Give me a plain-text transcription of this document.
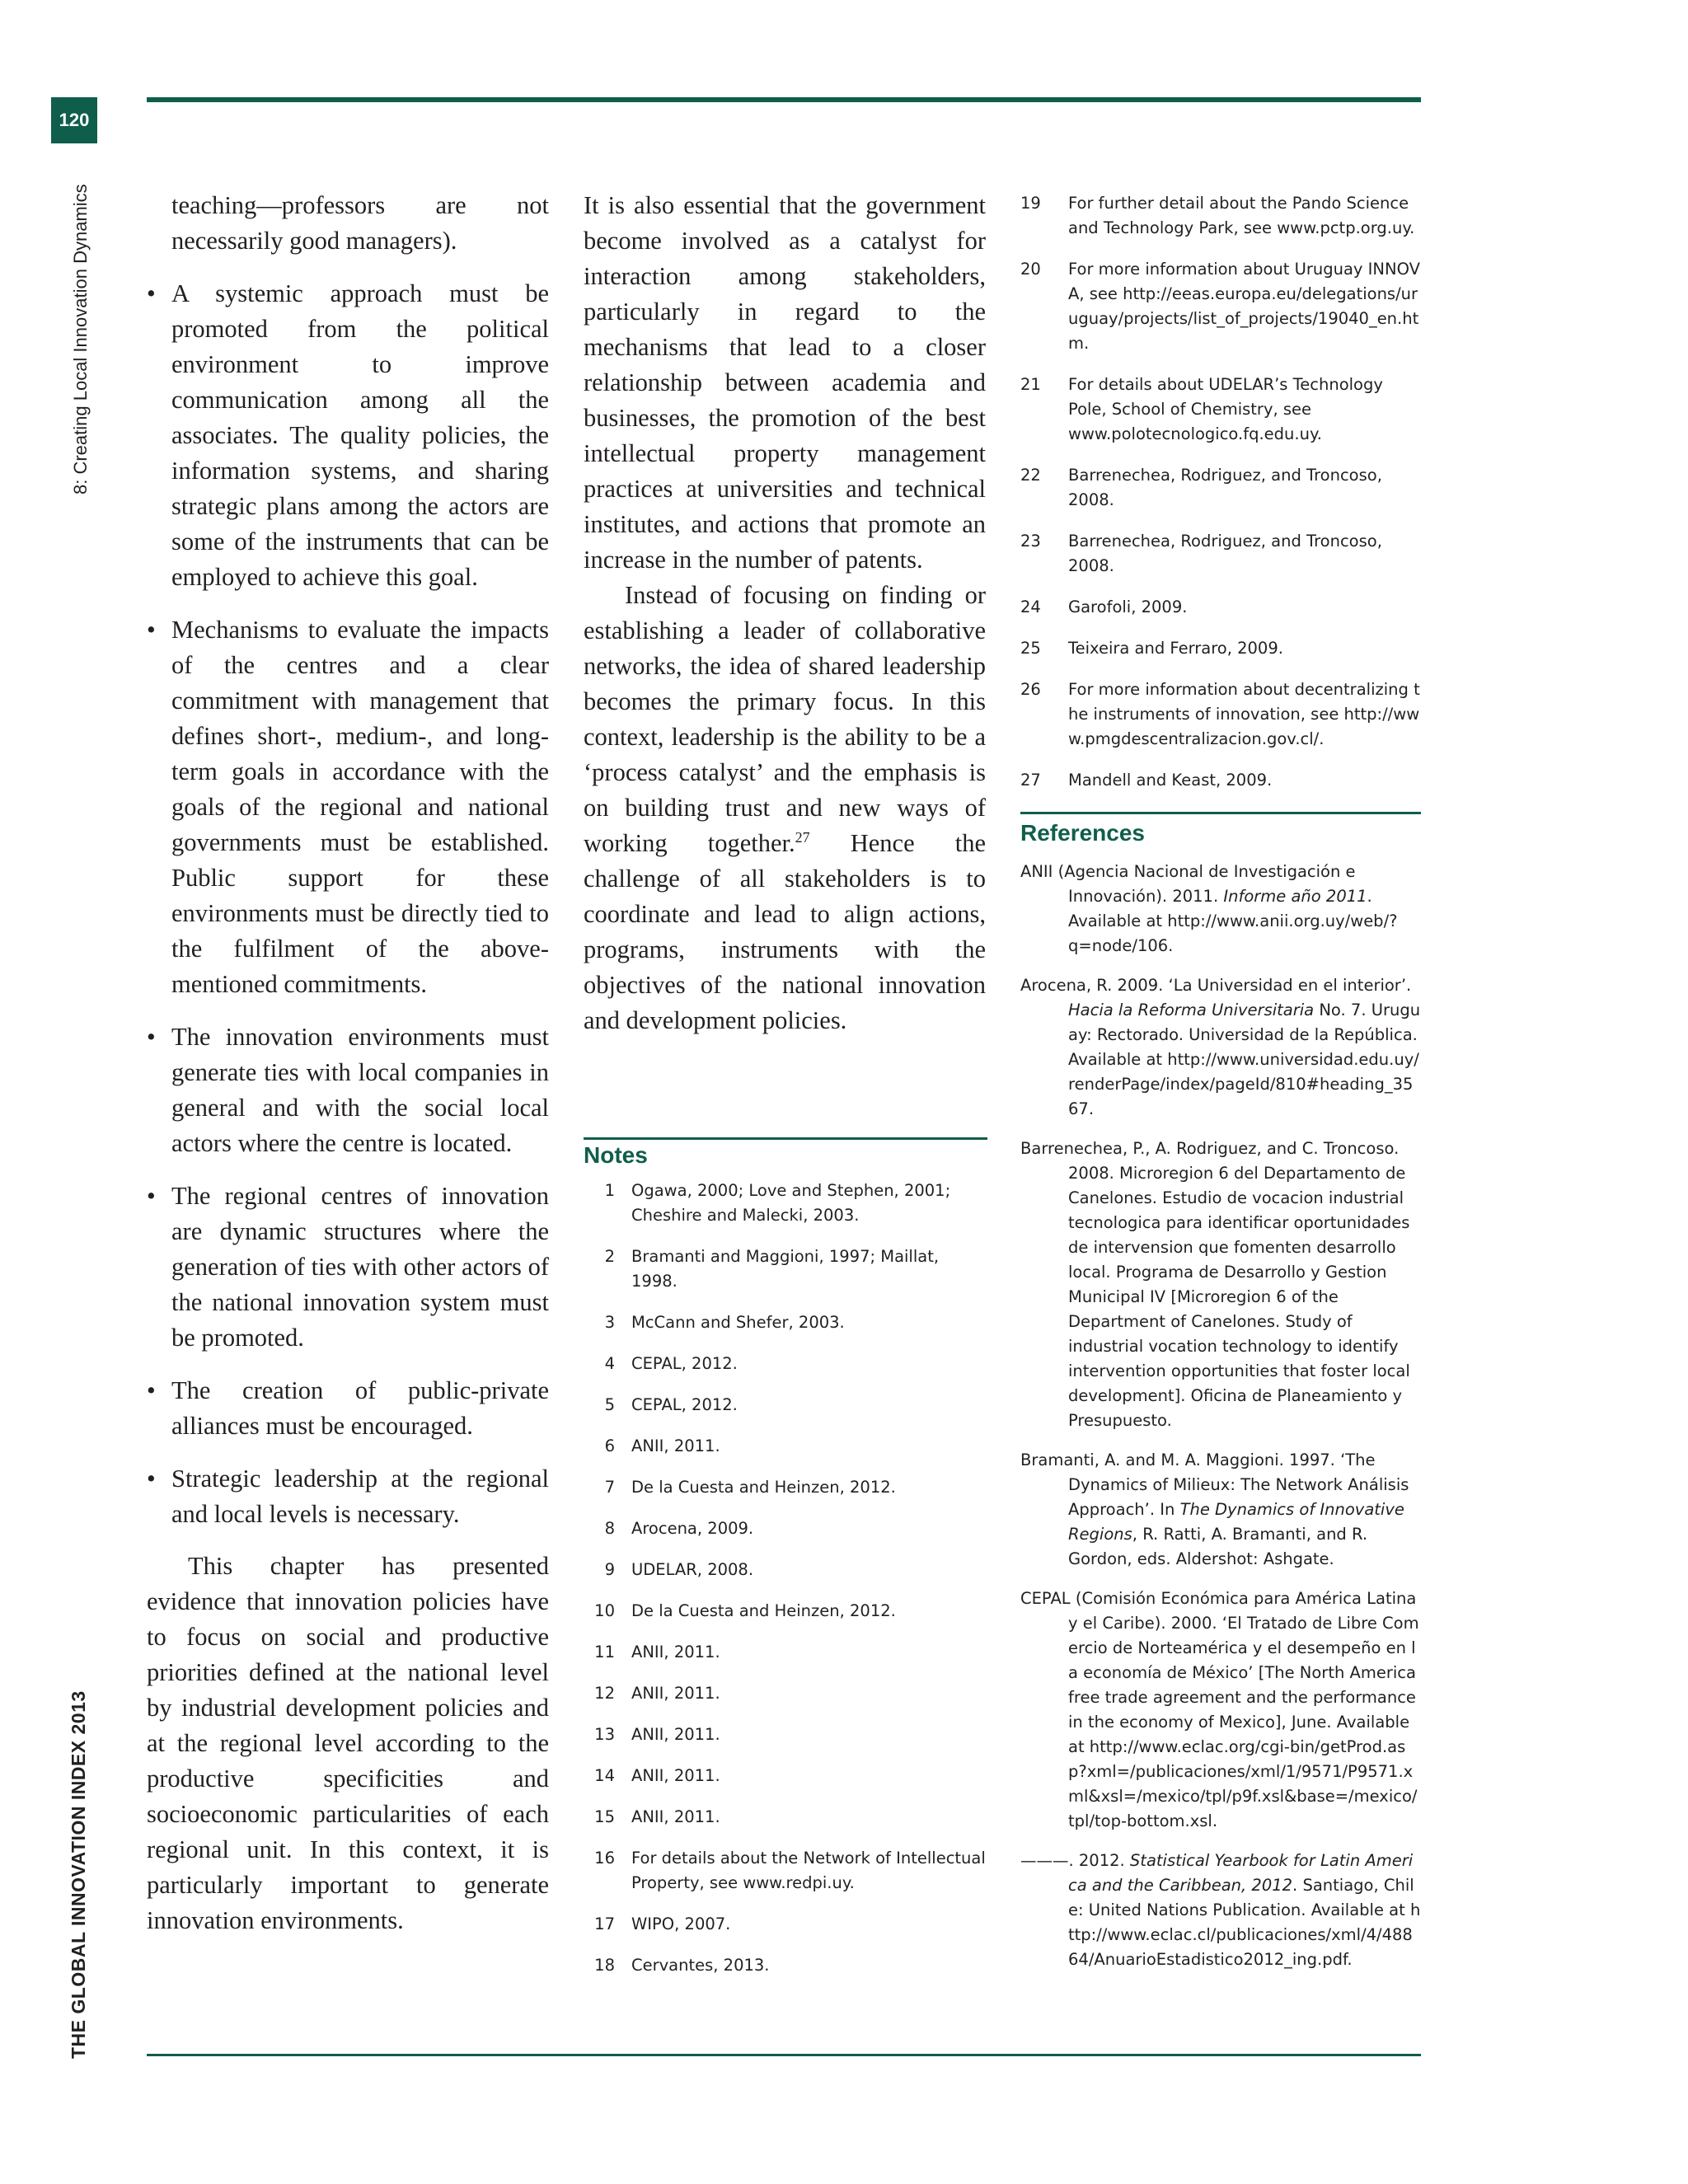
120
8: Creating Local Innovation Dynamics
THE GLOBAL INNOVATION INDEX 2013

teaching—professors are not necessarily good managers).

• A systemic approach must be promoted from the political environment to improve communication among all the associates. The quality policies, the information systems, and sharing strategic plans among the actors are some of the instruments that can be employed to achieve this goal.
• Mechanisms to evaluate the impacts of the centres and a clear commitment with management that defines short-, medium-, and long-term goals in accordance with the goals of the regional and national governments must be established. Public support for these environments must be directly tied to the fulfilment of the above-mentioned commitments.
• The innovation environments must generate ties with local companies in general and with the social local actors where the centre is located.
• The regional centres of innovation are dynamic structures where the generation of ties with other actors of the national innovation system must be promoted.
• The creation of public-private alliances must be encouraged.
• Strategic leadership at the regional and local levels is necessary.

This chapter has presented evidence that innovation policies have to focus on social and productive priorities defined at the national level by industrial development policies and at the regional level according to the productive specificities and socioeconomic particularities of each regional unit. In this context, it is particularly important to generate innovation environments.

It is also essential that the government become involved as a catalyst for interaction among stakeholders, particularly in regard to the mechanisms that lead to a closer relationship between academia and businesses, the promotion of the best intellectual property management practices at universities and technical institutes, and actions that promote an increase in the number of patents.

Instead of focusing on finding or establishing a leader of collaborative networks, the idea of shared leadership becomes the primary focus. In this context, leadership is the ability to be a ‘process catalyst’ and the emphasis is on building trust and new ways of working together.$^{27}$ Hence the challenge of all stakeholders is to coordinate and lead to align actions, programs, instruments with the objectives of the national innovation and development policies.

Notes
1	Ogawa, 2000; Love and Stephen, 2001; Cheshire and Malecki, 2003.
2	Bramanti and Maggioni, 1997; Maillat, 1998.
3	McCann and Shefer, 2003.
4	CEPAL, 2012.
5	CEPAL, 2012.
6	ANII, 2011.
7	De la Cuesta and Heinzen, 2012.
8	Arocena, 2009.
9	UDELAR, 2008.
10	De la Cuesta and Heinzen, 2012.
11	ANII, 2011.
12	ANII, 2011.
13	ANII, 2011.
14	ANII, 2011.
15	ANII, 2011.
16	For details about the Network of Intellectual Property, see www.redpi.uy.
17	WIPO, 2007.
18	Cervantes, 2013.
19	For further detail about the Pando Science and Technology Park, see www.pctp.org.uy.
20	For more information about Uruguay INNOVA, see http://eeas.europa.eu/delegations/uruguay/projects/list_of_projects/19040_en.htm.
21	For details about UDELAR’s Technology Pole, School of Chemistry, see www.polotecnologico.fq.edu.uy.
22	Barrenechea, Rodriguez, and Troncoso, 2008.
23	Barrenechea, Rodriguez, and Troncoso, 2008.
24	Garofoli, 2009.
25	Teixeira and Ferraro, 2009.
26	For more information about decentralizing the instruments of innovation, see http://www.pmgdescentralizacion.gov.cl/.
27	Mandell and Keast, 2009.
References
ANII (Agencia Nacional de Investigación e Innovación). 2011. Informe año 2011. Available at http://www.anii.org.uy/web/?q=node/106.
Arocena, R. 2009. ‘La Universidad en el interior’. Hacia la Reforma Universitaria No. 7. Uruguay: Rectorado. Universidad de la República. Available at http://www.universidad.edu.uy/renderPage/index/pageId/810#heading_3567.
Barrenechea, P., A. Rodriguez, and C. Troncoso. 2008. Microregion 6 del Departamento de Canelones. Estudio de vocacion industrial tecnologica para identificar oportunidades de intervension que fomenten desarrollo local. Programa de Desarrollo y Gestion Municipal IV [Microregion 6 of the Department of Canelones. Study of industrial vocation technology to identify intervention opportunities that foster local development]. Oficina de Planeamiento y Presupuesto.
Bramanti, A. and M. A. Maggioni. 1997. ‘The Dynamics of Milieux: The Network Análisis Approach’. In The Dynamics of Innovative Regions, R. Ratti, A. Bramanti, and R. Gordon, eds. Aldershot: Ashgate.
CEPAL (Comisión Económica para América Latina y el Caribe). 2000. ‘El Tratado de Libre Comercio de Norteamérica y el desempeño en la economía de México’ [The North America free trade agreement and the performance in the economy of Mexico], June. Available at http://www.eclac.org/cgi-bin/getProd.asp?xml=/publicaciones/xml/1/9571/P9571.xml&xsl=/mexico/tpl/p9f.xsl&base=/mexico/tpl/top-bottom.xsl.
———. 2012. Statistical Yearbook for Latin America and the Caribbean, 2012. Santiago, Chile: United Nations Publication. Available at http://www.eclac.cl/publicaciones/xml/4/48864/AnuarioEstadistico2012_ing.pdf.
